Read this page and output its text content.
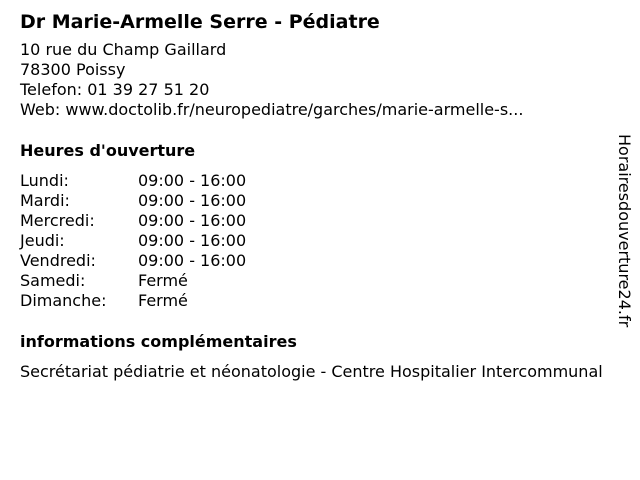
Dr Marie-Armelle Serre - Pédiatre
10 rue du Champ Gaillard
78300 Poissy
Telefon: 01 39 27 51 20
Web: www.doctolib.fr/neuropediatre/garches/marie-armelle-s...
Heures d'ouverture
Lundi:	09:00 - 16:00
Mardi:	09:00 - 16:00
Mercredi:	09:00 - 16:00
Jeudi:	09:00 - 16:00
Vendredi:	09:00 - 16:00
Samedi:	Fermé
Dimanche:	Fermé
informations complémentaires
Secrétariat pédiatrie et néonatologie - Centre Hospitalier Intercommunal
Horairesdouverture24.fr
